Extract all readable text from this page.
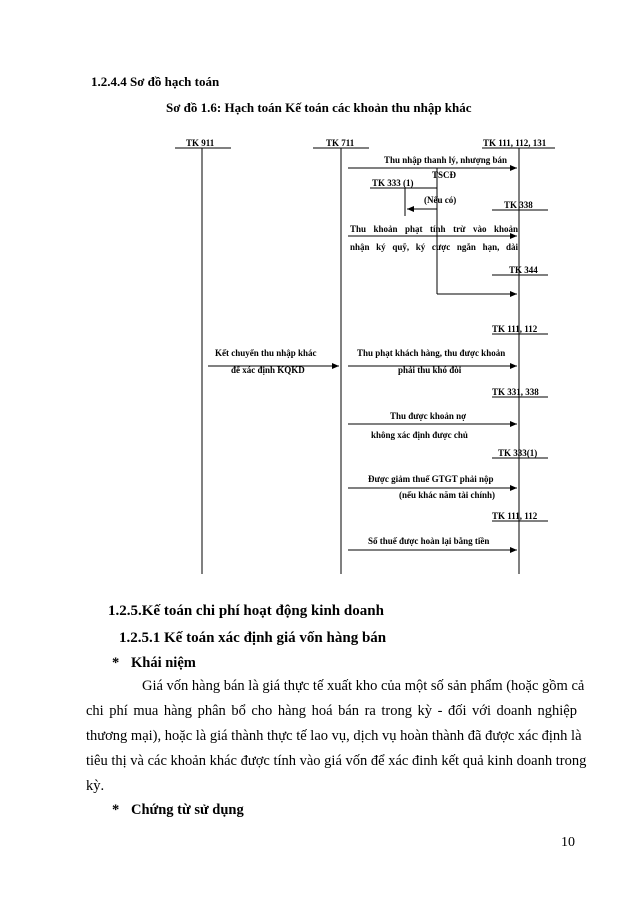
1.2.4.4 Sơ đồ hạch toán
Sơ đồ 1.6: Hạch toán Kế toán các khoản thu nhập khác
TK 911	TK 711	TK 111, 112, 131
Thu nhập thanh lý, nhượng bán
TSCĐ
TK 333 (1)
(Nếu có)	TK 338
Thu khoản phạt tính trừ vào khoản
nhận ký quỹ, ký cược ngắn hạn, dài
TK 344
TK 111, 112
Kết chuyển thu nhập khác
để xác định KQKD
Thu phạt khách hàng, thu được khoản
phải thu khó đòi
TK 331, 338
Thu được khoản nợ
không xác định được chủ
TK 333(1)
Được giảm thuế GTGT phải nộp
(nếu khác năm tài chính)
TK 111, 112
Số thuế được hoàn lại bằng tiền
1.2.5.Kế toán chi phí hoạt động kinh doanh
1.2.5.1 Kế toán xác định giá vốn hàng bán
* Khái niệm
Giá vốn hàng bán là giá thực tế xuất kho của một số sản phẩm (hoặc gồm cả
chi phí mua hàng phân bổ cho hàng hoá bán ra trong kỳ - đối với doanh nghiệp
thương mại), hoặc là giá thành thực tế lao vụ, dịch vụ hoàn thành đã được xác định là
tiêu thị và các khoản khác được tính vào giá vốn để xác đinh kết quả kinh doanh trong
kỳ.
* Chứng từ sử dụng
10
